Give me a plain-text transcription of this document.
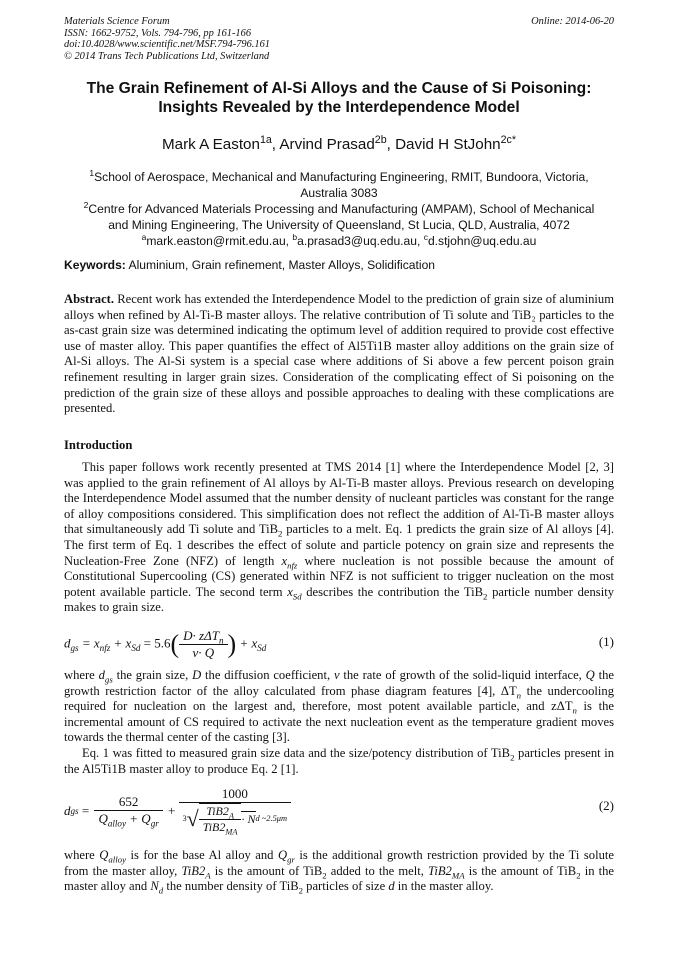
Materials Science Forum
ISSN: 1662-9752, Vols. 794-796, pp 161-166
doi:10.4028/www.scientific.net/MSF.794-796.161
© 2014 Trans Tech Publications Ltd, Switzerland
Online: 2014-06-20
The Grain Refinement of Al-Si Alloys and the Cause of Si Poisoning:
Insights Revealed by the Interdependence Model
Mark A Easton$^{1a}$, Arvind Prasad$^{2b}$, David H StJohn$^{2c*}$
$^1$School of Aerospace, Mechanical and Manufacturing Engineering, RMIT, Bundoora, Victoria,
Australia 3083
$^2$Centre for Advanced Materials Processing and Manufacturing (AMPAM), School of Mechanical
and Mining Engineering, The University of Queensland, St Lucia, QLD, Australia, 4072
$^a$mark.easton@rmit.edu.au, $^b$a.prasad3@uq.edu.au, $^c$d.stjohn@uq.edu.au
Keywords: Aluminium, Grain refinement, Master Alloys, Solidification
Abstract. Recent work has extended the Interdependence Model to the prediction of grain size of aluminium alloys when refined by Al-Ti-B master alloys. The relative contribution of Ti solute and TiB₂ particles to the as-cast grain size was determined indicating the optimum level of addition required to provide cost effective use of master alloy. This paper quantifies the effect of Al5Ti1B master alloy additions on the grain size of Al-Si alloys. The Al-Si system is a special case where additions of Si above a few percent poison grain refinement resulting in larger grain sizes. Consideration of the complicating effect of Si poisoning on the prediction of the grain size of these alloys and possible approaches to dealing with these complications are presented.
Introduction
This paper follows work recently presented at TMS 2014 [1] where the Interdependence Model [2, 3] was applied to the grain refinement of Al alloys by Al-Ti-B master alloys. Previous research on developing the Interdependence Model assumed that the number density of nucleant particles was constant for the range of alloy compositions considered. This simplification does not reflect the addition of Al-Ti-B master alloys that simultaneously add Ti solute and TiB$_2$ particles to a melt. Eq. 1 predicts the grain size of Al alloys [4]. The first term of Eq. 1 describes the effect of solute and particle potency on grain size and represents the Nucleation-Free Zone (NFZ) of length $x_{nfz}$ where nucleation is not possible because the amount of Constitutional Supercooling (CS) generated within NFZ is not sufficient to trigger nucleation on the most potent available particle. The second term $x_{Sd}$ describes the contribution the TiB$_2$ particle number density makes to grain size.
$d_{gs} = x_{nfz} + x_{Sd} = 5.6( \frac{D\cdot z\Delta T_n}{v\cdot Q}$ ) + $x_{Sd}$	(1)
where $d_{gs}$ the grain size, D the diffusion coefficient, v the rate of growth of the solid-liquid interface, Q the growth restriction factor of the alloy calculated from phase diagram features [4], $\Delta T_n$ the undercooling required for nucleation on the largest and, therefore, most potent available particle, and zΔT$_n$ is the incremental amount of CS required to activate the next nucleation event as the temperature gradient moves towards the thermal center of the casting [3].
Eq. 1 was fitted to measured grain size data and the size/potency distribution of TiB$_2$ particles present in the Al5Ti1B master alloy to produce Eq. 2 [1].
d gs = $\frac{652}{Q_{alloy} + Q_{gr}} + \frac{1000}{3 √ \frac{TiB2_A}{TiB2_{MA}} \cdot N d \sim 2.5\mu m}$	(2)
where $Q_{alloy}$ is for the base Al alloy and $Q_{gr}$ is the additional growth restriction provided by the Ti solute from the master alloy, $TiB2_A$ is the amount of TiB$_2$ added to the melt, $TiB2_{MA}$ is the amount of TiB$_2$ in the master alloy and $N_d$ the number density of TiB$_2$ particles of size d in the master alloy.
